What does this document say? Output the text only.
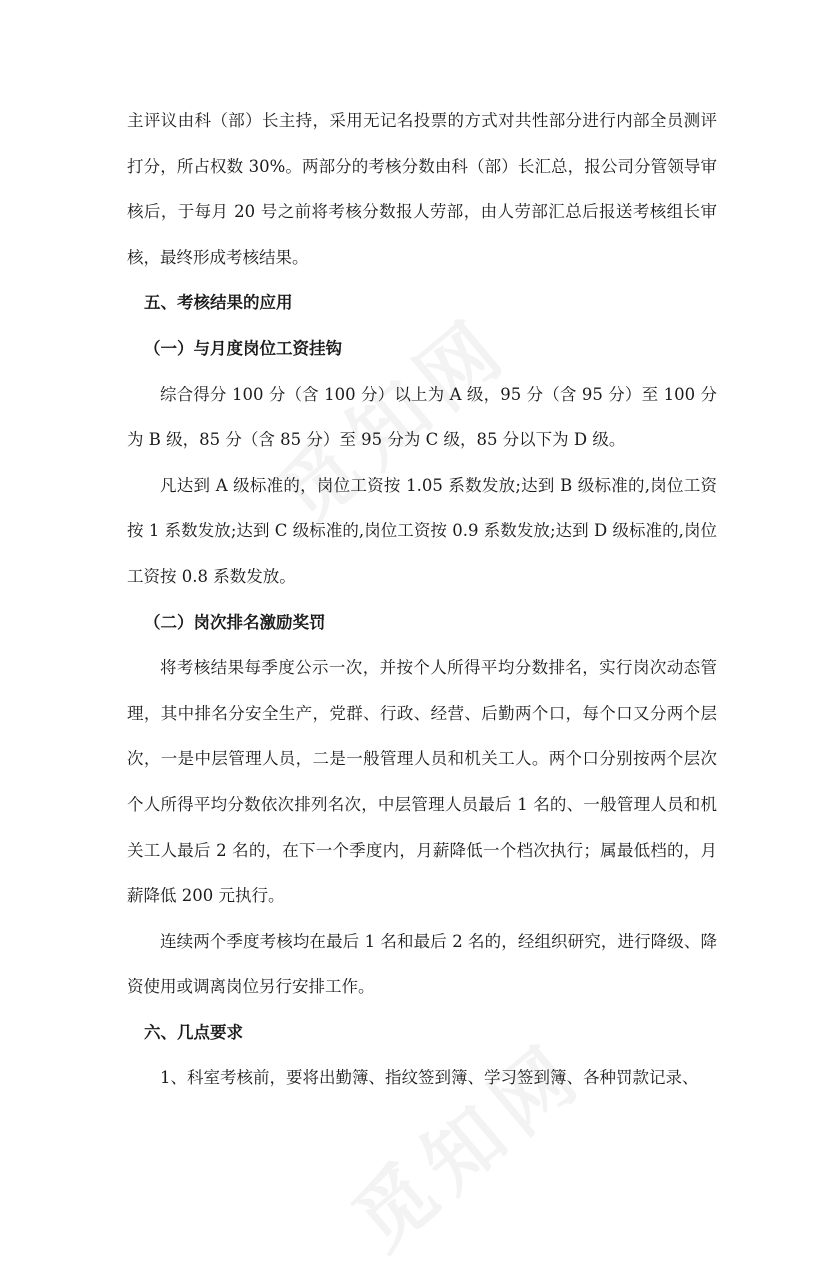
主评议由科（部）长主持，采用无记名投票的方式对共性部分进行内部全员测评打分，所占权数 30%。两部分的考核分数由科（部）长汇总，报公司分管领导审核后，于每月 20 号之前将考核分数报人劳部，由人劳部汇总后报送考核组长审核，最终形成考核结果。

五、考核结果的应用

（一）与月度岗位工资挂钩

综合得分 100 分（含 100 分）以上为 A 级，95 分（含 95 分）至 100 分为 B 级，85 分（含 85 分）至 95 分为 C 级，85 分以下为 D 级。

凡达到 A 级标准的，岗位工资按 1.05 系数发放;达到 B 级标准的,岗位工资按 1 系数发放;达到 C 级标准的,岗位工资按 0.9 系数发放;达到 D 级标准的,岗位工资按 0.8 系数发放。

（二）岗次排名激励奖罚

将考核结果每季度公示一次，并按个人所得平均分数排名，实行岗次动态管理，其中排名分安全生产，党群、行政、经营、后勤两个口，每个口又分两个层次，一是中层管理人员，二是一般管理人员和机关工人。两个口分别按两个层次个人所得平均分数依次排列名次，中层管理人员最后 1 名的、一般管理人员和机关工人最后 2 名的，在下一个季度内，月薪降低一个档次执行；属最低档的，月薪降低 200 元执行。

连续两个季度考核均在最后 1 名和最后 2 名的，经组织研究，进行降级、降资使用或调离岗位另行安排工作。

六、几点要求

1、科室考核前，要将出勤簿、指纹签到簿、学习签到簿、各种罚款记录、
